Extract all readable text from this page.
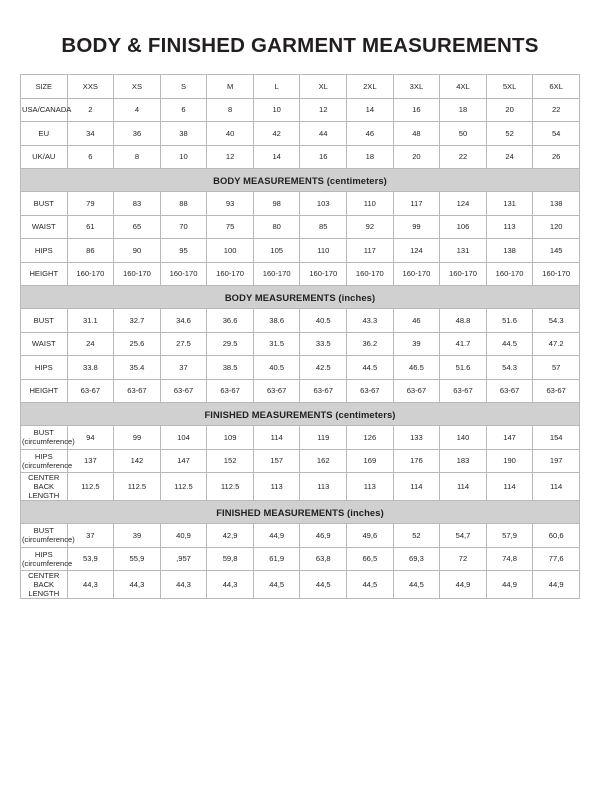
BODY & FINISHED GARMENT MEASUREMENTS
SIZE	XXS	XS	S	M	L	XL	2XL	3XL	4XL	5XL	6XL
USA/CANADA	2	4	6	8	10	12	14	16	18	20	22
EU	34	36	38	40	42	44	46	48	50	52	54
UK/AU	6	8	10	12	14	16	18	20	22	24	26
BODY MEASUREMENTS (centimeters)											
BUST	79	83	88	93	98	103	110	117	124	131	138
WAIST	61	65	70	75	80	85	92	99	106	113	120
HIPS	86	90	95	100	105	110	117	124	131	138	145
HEIGHT	160-170	160-170	160-170	160-170	160-170	160-170	160-170	160-170	160-170	160-170	160-170
BODY MEASUREMENTS (inches)											
BUST	31.1	32.7	34.6	36.6	38.6	40.5	43.3	46	48.8	51.6	54.3
WAIST	24	25.6	27.5	29.5	31.5	33.5	36.2	39	41.7	44.5	47.2
HIPS	33.8	35.4	37	38.5	40.5	42.5	44.5	46.5	51.6	54.3	57
HEIGHT	63-67	63-67	63-67	63-67	63-67	63-67	63-67	63-67	63-67	63-67	63-67
FINISHED MEASUREMENTS (centimeters)											
BUST (circumference)	94	99	104	109	114	119	126	133	140	147	154
HIPS (circumference	137	142	147	152	157	162	169	176	183	190	197
CENTER BACK LENGTH	112.5	112.5	112.5	112.5	113	113	113	114	114	114	114
FINISHED MEASUREMENTS (inches)											
BUST (circumference)	37	39	40,9	42,9	44,9	46,9	49,6	52	54,7	57,9	60,6
HIPS (circumference	53,9	55,9	,957	59,8	61,9	63,8	66,5	69,3	72	74,8	77,6
CENTER BACK LENGTH	44,3	44,3	44,3	44,3	44,5	44,5	44,5	44,5	44,9	44,9	44,9
